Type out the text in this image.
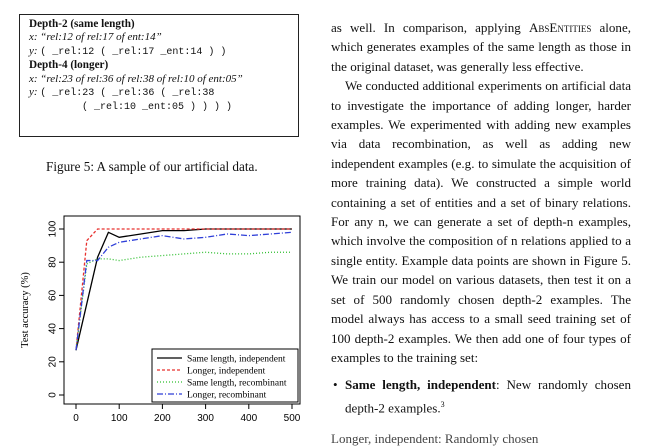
Depth-2 (same length)
x: “rel:12 of rel:17 of ent:14”
y: ( _rel:12 ( _rel:17 _ent:14 ) )
Depth-4 (longer)
x: “rel:23 of rel:36 of rel:38 of rel:10 of ent:05”
y: ( _rel:23 ( _rel:36 ( _rel:38
( _rel:10 _ent:05 ) ) ) )
Figure 5: A sample of our artificial data.
0	100	200	300	400	500
0
20
40
60
80
100
Test accuracy (%)
Same length, independent
Longer, independent
Same length, recombinant
Longer, recombinant

as well. In comparison, applying AbsEntities alone, which generates examples of the same length as those in the original dataset, was generally less effective.

We conducted additional experiments on artificial data to investigate the importance of adding longer, harder examples. We experimented with adding new examples via data recombination, as well as adding new independent examples (e.g. to simulate the acquisition of more training data). We constructed a simple world containing a set of entities and a set of binary relations. For any n, we can generate a set of depth-n examples, which involve the composition of n relations applied to a single entity. Example data points are shown in Figure 5. We train our model on various datasets, then test it on a set of 500 randomly chosen depth-2 examples. The model always has access to a small seed training set of 100 depth-2 examples. We then add one of four types of examples to the training set:

• Same length, independent: New randomly chosen depth-2 examples.$^3$

Longer, independent: Randomly chosen
